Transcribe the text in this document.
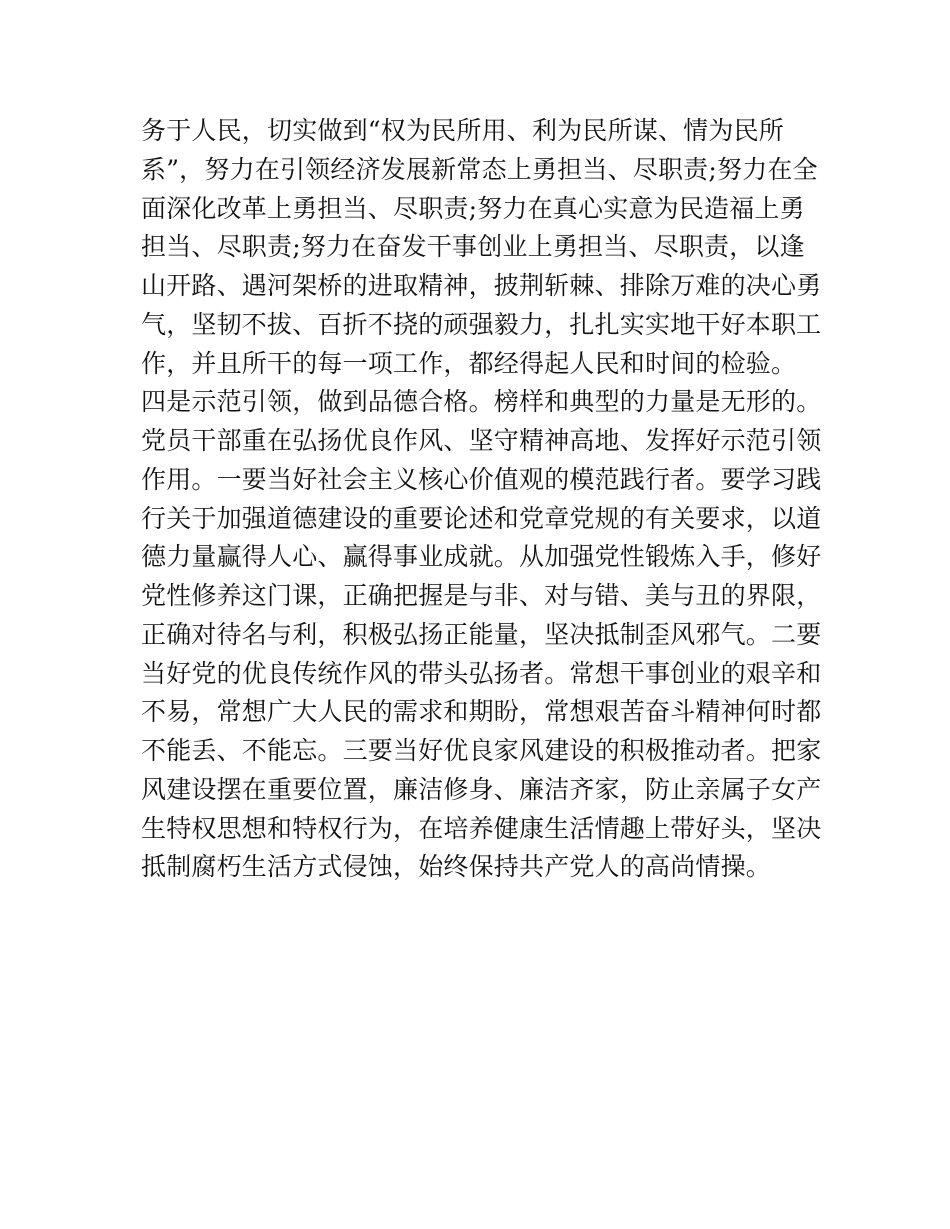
务于人民，切实做到“权为民所用、利为民所谋、情为民所
系”，努力在引领经济发展新常态上勇担当、尽职责;努力在全
面深化改革上勇担当、尽职责;努力在真心实意为民造福上勇
担当、尽职责;努力在奋发干事创业上勇担当、尽职责，以逢
山开路、遇河架桥的进取精神，披荆斩棘、排除万难的决心勇
气，坚韧不拔、百折不挠的顽强毅力，扎扎实实地干好本职工
作，并且所干的每一项工作，都经得起人民和时间的检验。
四是示范引领，做到品德合格。榜样和典型的力量是无形的。
党员干部重在弘扬优良作风、坚守精神高地、发挥好示范引领
作用。一要当好社会主义核心价值观的模范践行者。要学习践
行关于加强道德建设的重要论述和党章党规的有关要求，以道
德力量赢得人心、赢得事业成就。从加强党性锻炼入手，修好
党性修养这门课，正确把握是与非、对与错、美与丑的界限，
正确对待名与利，积极弘扬正能量，坚决抵制歪风邪气。二要
当好党的优良传统作风的带头弘扬者。常想干事创业的艰辛和
不易，常想广大人民的需求和期盼，常想艰苦奋斗精神何时都
不能丢、不能忘。三要当好优良家风建设的积极推动者。把家
风建设摆在重要位置，廉洁修身、廉洁齐家，防止亲属子女产
生特权思想和特权行为，在培养健康生活情趣上带好头，坚决
抵制腐朽生活方式侵蚀，始终保持共产党人的高尚情操。
